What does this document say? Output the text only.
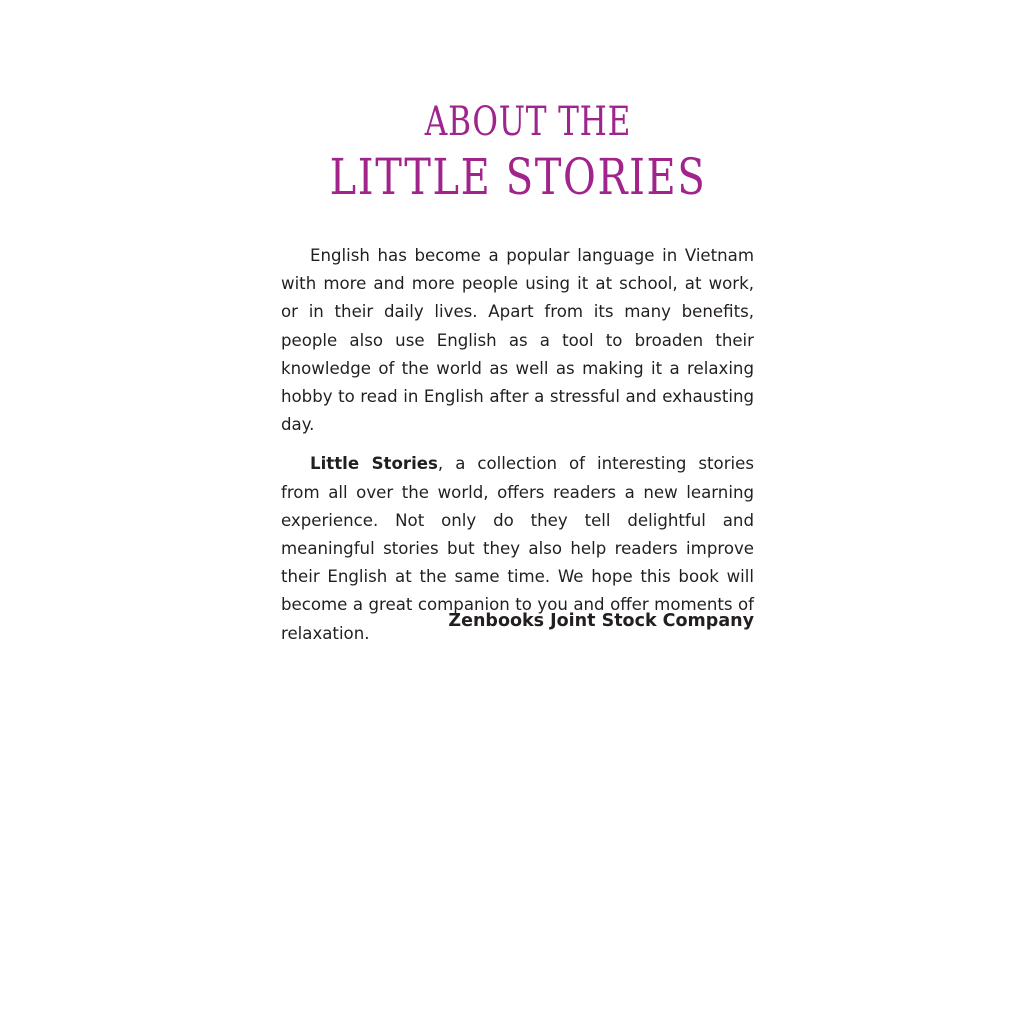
ABOUT THE
LITTLE STORIES

English has become a popular language in Vietnam with more and more people using it at school, at work, or in their daily lives. Apart from its many benefits, people also use English as a tool to broaden their knowledge of the world as well as making it a relaxing hobby to read in English after a stressful and exhausting day.

Little Stories, a collection of interesting stories from all over the world, offers readers a new learning experience. Not only do they tell delightful and meaningful stories but they also help readers improve their English at the same time. We hope this book will become a great companion to you and offer moments of relaxation.

Zenbooks Joint Stock Company
